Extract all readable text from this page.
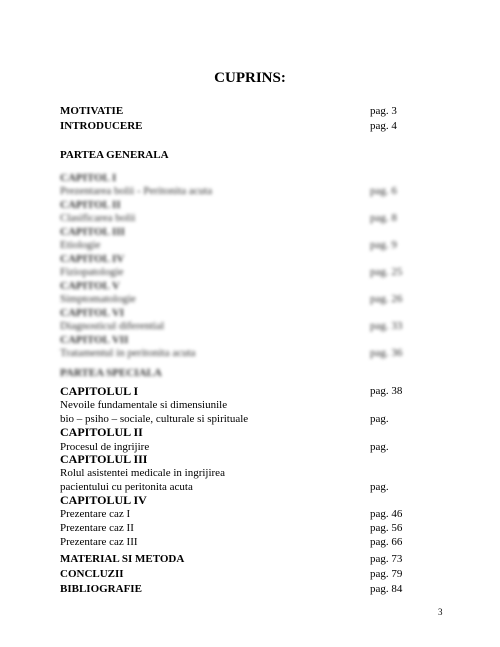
CUPRINS:
MOTIVATIE	pag. 3
INTRODUCERE	pag. 4
PARTEA GENERALA
CAPITOL I
Prezentarea bolii - Peritonita acuta	pag. 6
CAPITOL II
Clasificarea bolii	pag. 8
CAPITOL III
Etiologie	pag. 9
CAPITOL IV
Fiziopatologie	pag. 25
CAPITOL V
Simptomatologie	pag. 26
CAPITOL VI
Diagnosticul diferential	pag. 33
CAPITOL VII
Tratamentul in peritonita acuta	pag. 36
PARTEA SPECIALA
CAPITOLUL I	pag. 38
Nevoile fundamentale si dimensiunile
bio – psiho – sociale, culturale si spirituale	pag.
CAPITOLUL II
Procesul de ingrijire	pag.
CAPITOLUL III
Rolul asistentei medicale in ingrijirea
pacientului cu peritonita acuta	pag.
CAPITOLUL IV
Prezentare caz I	pag. 46
Prezentare caz II	pag. 56
Prezentare caz III	pag. 66
MATERIAL SI METODA	pag. 73
CONCLUZII	pag. 79
BIBLIOGRAFIE	pag. 84
3
